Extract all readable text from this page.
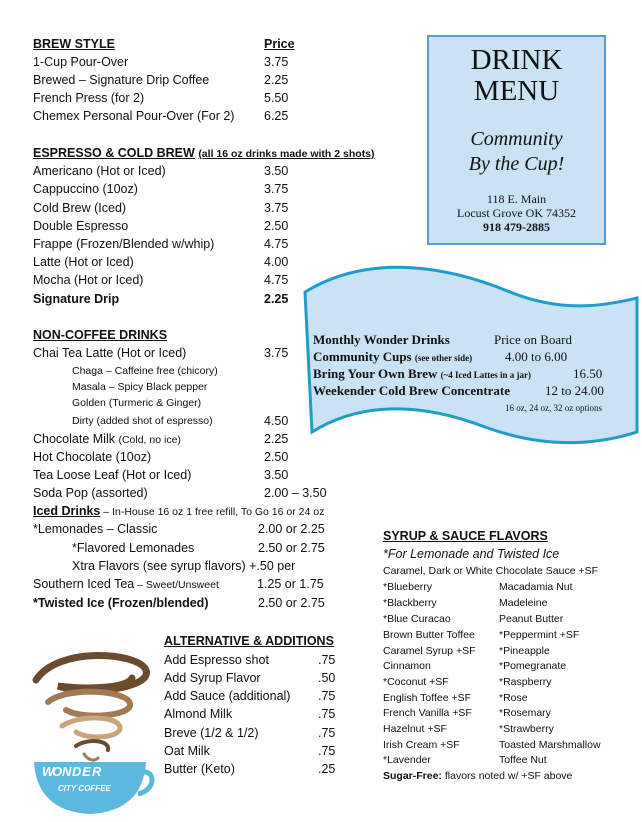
BREW STYLE	Price
1-Cup Pour-Over	3.75
Brewed – Signature Drip Coffee	2.25
French Press (for 2)	5.50
Chemex Personal Pour-Over (For 2) 6.25
ESPRESSO & COLD BREW (all 16 oz drinks made with 2 shots)
Americano (Hot or Iced)	3.50
Cappuccino (10oz)	3.75
Cold Brew (Iced)	3.75
Double Espresso	2.50
Frappe (Frozen/Blended w/whip)	4.75
Latte (Hot or Iced)	4.00
Mocha (Hot or Iced)	4.75
Signature Drip	2.25
NON-COFFEE DRINKS
Chai Tea Latte (Hot or Iced)	3.75
Chaga – Caffeine free (chicory)
Masala – Spicy Black pepper
Golden (Turmeric & Ginger)
Dirty (added shot of espresso)	4.50
Chocolate Milk (Cold, no ice)	2.25
Hot Chocolate (10oz)	2.50
Tea Loose Leaf (Hot or Iced)	3.50
Soda Pop (assorted)	2.00 – 3.50
Iced Drinks – In-House 16 oz 1 free refill, To Go 16 or 24 oz
*Lemonades – Classic	2.00 or 2.25
*Flavored Lemonades	2.50 or 2.75
Xtra Flavors (see syrup flavors) +.50 per
Southern Iced Tea – Sweet/Unsweet	1.25 or 1.75
*Twisted Ice (Frozen/blended)	2.50 or 2.75
ALTERNATIVE & ADDITIONS
Add Espresso shot	.75
Add Syrup Flavor	.50
Add Sauce (additional) .75
Almond Milk	.75
Breve (1/2 & 1/2)	.75
Oat Milk	.75
Butter (Keto)	.25
DRINK
MENU
Community
By the Cup!
118 E. Main
Locust Grove OK 74352
918 479-2885
Monthly Wonder Drinks	Price on Board
Community Cups (see other side)	4.00 to 6.00
Bring Your Own Brew (~4 Iced Lattes in a jar)	16.50
Weekender Cold Brew Concentrate	12 to 24.00
16 oz, 24 oz, 32 oz options
SYRUP & SAUCE FLAVORS
*For Lemonade and Twisted Ice
Caramel, Dark or White Chocolate Sauce +SF
*Blueberry
*Blackberry
*Blue Curacao
Brown Butter Toffee
Caramel Syrup +SF
Cinnamon
*Coconut +SF
English Toffee +SF
French Vanilla +SF
Hazelnut +SF
Irish Cream +SF
*Lavender
Macadamia Nut
Madeleine
Peanut Butter
*Peppermint +SF
*Pineapple
*Pomegranate
*Raspberry
*Rose
*Rosemary
*Strawberry
Toasted Marshmallow
Toffee Nut
Sugar-Free: flavors noted w/ +SF above
WONDER
CITY COFFEE
